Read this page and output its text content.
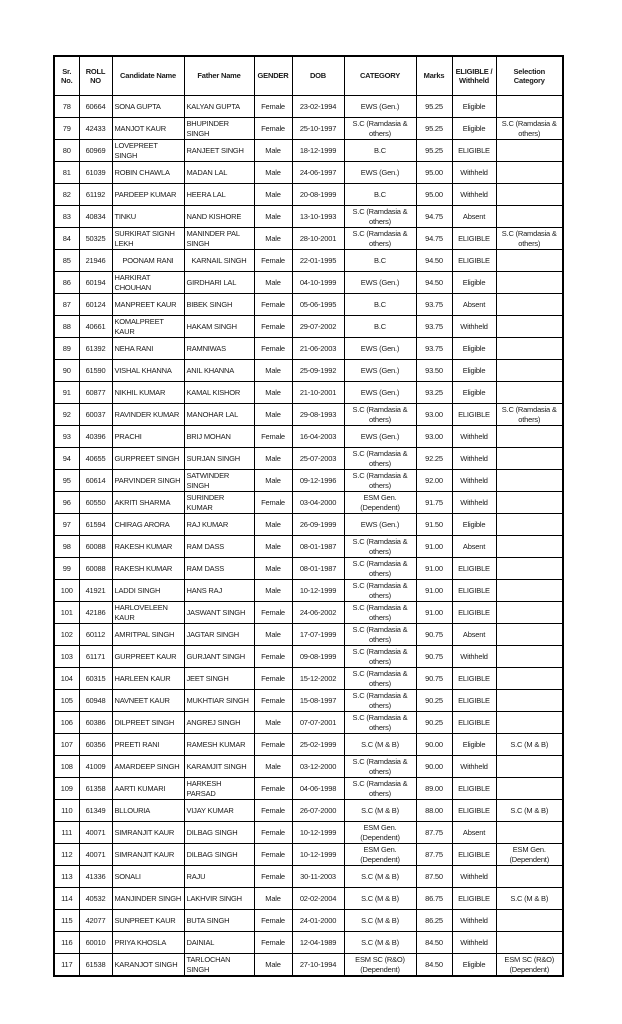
Sr. No.	ROLL NO	Candidate Name	Father Name	GENDER	DOB	CATEGORY	Marks	ELIGIBLE / Withheld	Selection Category
78	60664	SONA GUPTA	KALYAN GUPTA	Female	23-02-1994	EWS (Gen.)	95.25	Eligible	
79	42433	MANJOT KAUR	BHUPINDER SINGH	Female	25-10-1997	S.C (Ramdasia & others)	95.25	Eligible	S.C (Ramdasia & others)
80	60969	LOVEPREET SINGH	RANJEET SINGH	Male	18-12-1999	B.C	95.25	ELIGIBLE	
81	61039	ROBIN CHAWLA	MADAN LAL	Male	24-06-1997	EWS (Gen.)	95.00	Withheld	
82	61192	PARDEEP KUMAR	HEERA LAL	Male	20-08-1999	B.C	95.00	Withheld	
83	40834	TINKU	NAND KISHORE	Male	13-10-1993	S.C (Ramdasia & others)	94.75	Absent	
84	50325	SURKIRAT SIGNH LEKH	MANINDER PAL SINGH	Male	28-10-2001	S.C (Ramdasia & others)	94.75	ELIGIBLE	S.C (Ramdasia & others)
85	21946	POONAM RANI	KARNAIL SINGH	Female	22-01-1995	B.C	94.50	ELIGIBLE	
86	60194	HARKIRAT CHOUHAN	GIRDHARI LAL	Male	04-10-1999	EWS (Gen.)	94.50	Eligible	
87	60124	MANPREET KAUR	BIBEK SINGH	Female	05-06-1995	B.C	93.75	Absent	
88	40661	KOMALPREET KAUR	HAKAM SINGH	Female	29-07-2002	B.C	93.75	Withheld	
89	61392	NEHA RANI	RAMNIWAS	Female	21-06-2003	EWS (Gen.)	93.75	Eligible	
90	61590	VISHAL KHANNA	ANIL KHANNA	Male	25-09-1992	EWS (Gen.)	93.50	Eligible	
91	60877	NIKHIL KUMAR	KAMAL KISHOR	Male	21-10-2001	EWS (Gen.)	93.25	Eligible	
92	60037	RAVINDER KUMAR	MANOHAR LAL	Male	29-08-1993	S.C (Ramdasia & others)	93.00	ELIGIBLE	S.C (Ramdasia & others)
93	40396	PRACHI	BRIJ MOHAN	Female	16-04-2003	EWS (Gen.)	93.00	Withheld	
94	40655	GURPREET SINGH	SURJAN SINGH	Male	25-07-2003	S.C (Ramdasia & others)	92.25	Withheld	
95	60614	PARVINDER SINGH	SATWINDER SINGH	Male	09-12-1996	S.C (Ramdasia & others)	92.00	Withheld	
96	60550	AKRITI SHARMA	SURINDER KUMAR	Female	03-04-2000	ESM Gen. (Dependent)	91.75	Withheld	
97	61594	CHIRAG ARORA	RAJ KUMAR	Male	26-09-1999	EWS (Gen.)	91.50	Eligible	
98	60088	RAKESH KUMAR	RAM DASS	Male	08-01-1987	S.C (Ramdasia & others)	91.00	Absent	
99	60088	RAKESH KUMAR	RAM DASS	Male	08-01-1987	S.C (Ramdasia & others)	91.00	ELIGIBLE	
100	41921	LADDI SINGH	HANS RAJ	Male	10-12-1999	S.C (Ramdasia & others)	91.00	ELIGIBLE	
101	42186	HARLOVELEEN KAUR	JASWANT SINGH	Female	24-06-2002	S.C (Ramdasia & others)	91.00	ELIGIBLE	
102	60112	AMRITPAL SINGH	JAGTAR SINGH	Male	17-07-1999	S.C (Ramdasia & others)	90.75	Absent	
103	61171	GURPREET KAUR	GURJANT SINGH	Female	09-08-1999	S.C (Ramdasia & others)	90.75	Withheld	
104	60315	HARLEEN KAUR	JEET SINGH	Female	15-12-2002	S.C (Ramdasia & others)	90.75	ELIGIBLE	
105	60948	NAVNEET KAUR	MUKHTIAR SINGH	Female	15-08-1997	S.C (Ramdasia & others)	90.25	ELIGIBLE	
106	60386	DILPREET SINGH	ANGREJ SINGH	Male	07-07-2001	S.C (Ramdasia & others)	90.25	ELIGIBLE	
107	60356	PREETI RANI	RAMESH KUMAR	Female	25-02-1999	S.C (M & B)	90.00	Eligible	S.C (M & B)
108	41009	AMARDEEP SINGH	KARAMJIT SINGH	Male	03-12-2000	S.C (Ramdasia & others)	90.00	Withheld	
109	61358	AARTI KUMARI	HARKESH PARSAD	Female	04-06-1998	S.C (Ramdasia & others)	89.00	ELIGIBLE	
110	61349	BLLOURIA	VIJAY KUMAR	Female	26-07-2000	S.C (M & B)	88.00	ELIGIBLE	S.C (M & B)
111	40071	SIMRANJIT KAUR	DILBAG SINGH	Female	10-12-1999	ESM Gen. (Dependent)	87.75	Absent	
112	40071	SIMRANJIT KAUR	DILBAG SINGH	Female	10-12-1999	ESM Gen. (Dependent)	87.75	ELIGIBLE	ESM Gen. (Dependent)
113	41336	SONALI	RAJU	Female	30-11-2003	S.C (M & B)	87.50	Withheld	
114	40532	MANJINDER SINGH	LAKHVIR SINGH	Male	02-02-2004	S.C (M & B)	86.75	ELIGIBLE	S.C (M & B)
115	42077	SUNPREET KAUR	BUTA SINGH	Female	24-01-2000	S.C (M & B)	86.25	Withheld	
116	60010	PRIYA KHOSLA	DAINIAL	Female	12-04-1989	S.C (M & B)	84.50	Withheld	
117	61538	KARANJOT SINGH	TARLOCHAN SINGH	Male	27-10-1994	ESM SC (R&O) (Dependent)	84.50	Eligible	ESM SC (R&O) (Dependent)
